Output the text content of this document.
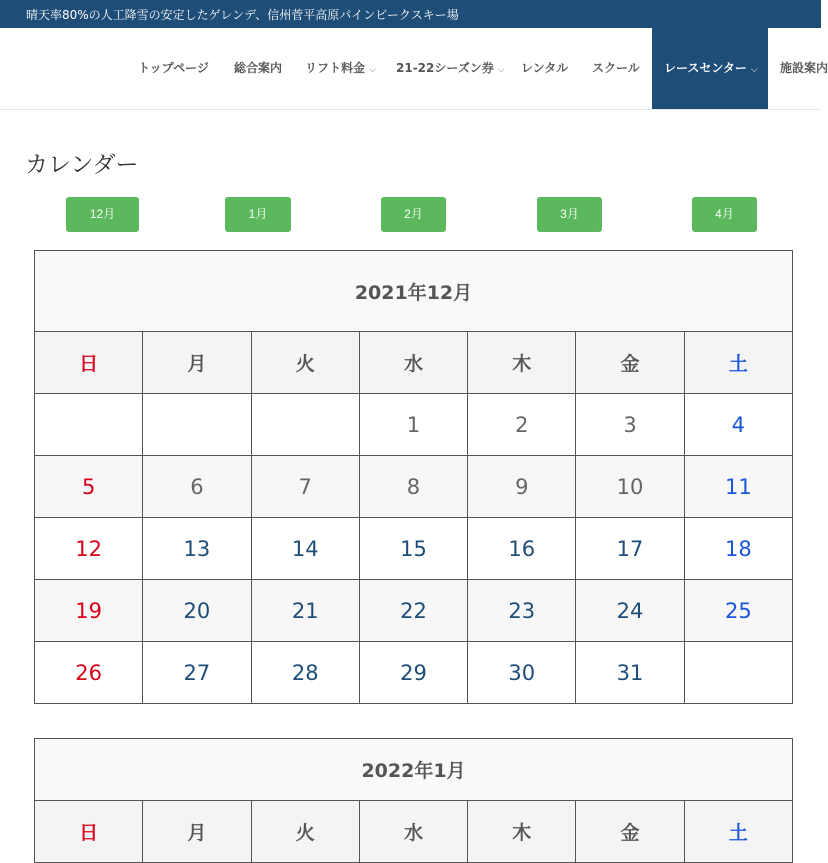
晴天率80%の人工降雪の安定したゲレンデ、信州菅平高原パインビークスキー場
トップページ 総合案内 リフト料金 ⌵ 21-22シーズン券 ⌵ レンタル スクール	レースセンター ⌵	施設案内
カレンダー
12月	1月	2月	3月	4月
2021年12月						
日	月	火	水	木	金	土
			1	2	3	4
5	6	7	8	9	10	11
12	13	14	15	16	17	18
19	20	21	22	23	24	25
26	27	28	29	30	31	
2022年1月
日	月	火	水	木	金	土
